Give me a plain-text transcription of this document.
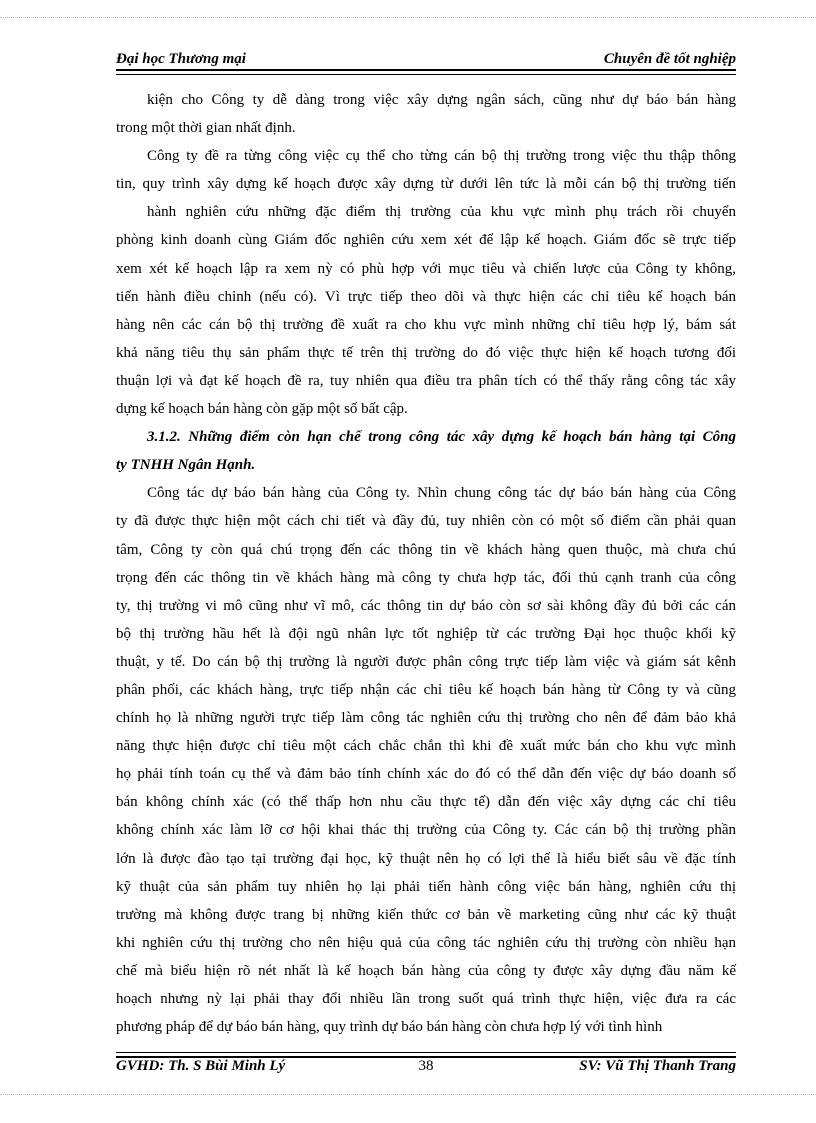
Đại học Thương mại	Chuyên đề tốt nghiệp
kiện cho Công ty dễ dàng trong việc xây dựng ngân sách, cũng như dự báo bán hàng
trong một thời gian nhất định.
Công ty đề ra từng công việc cụ thể cho từng cán bộ thị trường trong việc thu thập thông
tin, quy trình xây dựng kế hoạch được xây dựng từ dưới lên tức là mỗi cán bộ thị trường tiến
hành nghiên cứu những đặc điểm thị trường của khu vực mình phụ trách rồi chuyển
phòng kinh doanh cùng Giám đốc nghiên cứu xem xét để lập kế hoạch. Giám đốc sẽ trực tiếp
xem xét kế hoạch lập ra xem nỳ có phù hợp với mục tiêu và chiến lược của Công ty không,
tiến hành điều chỉnh (nếu có). Vì trực tiếp theo dõi và thực hiện các chỉ tiêu kế hoạch bán
hàng nên các cán bộ thị trường đề xuất ra cho khu vực mình những chỉ tiêu hợp lý, bám sát
khả năng tiêu thụ sản phẩm thực tế trên thị trường do đó việc thực hiện kế hoạch tương đối
thuận lợi và đạt kế hoạch đề ra, tuy nhiên qua điều tra phân tích có thể thấy rằng công tác xây
dựng kế hoạch bán hàng còn gặp một số bất cập.
3.1.2. Những điểm còn hạn chế trong công tác xây dựng kế hoạch bán hàng tại Công
ty TNHH Ngân Hạnh.
Công tác dự báo bán hàng của Công ty. Nhìn chung công tác dự báo bán hàng của Công
ty đã được thực hiện một cách chi tiết và đầy đủ, tuy nhiên còn có một số điểm cần phải quan
tâm, Công ty còn quá chú trọng đến các thông tin về khách hàng quen thuộc, mà chưa chú
trọng đến các thông tin về khách hàng mà công ty chưa hợp tác, đối thủ cạnh tranh của công
ty, thị trường vi mô cũng như vĩ mô, các thông tin dự báo còn sơ sài không đầy đủ bởi các cán
bộ thị trường hầu hết là đội ngũ nhân lực tốt nghiệp từ các trường Đại học thuộc khối kỹ
thuật, y tế. Do cán bộ thị trường là người được phân công trực tiếp làm việc và giám sát kênh
phân phối, các khách hàng, trực tiếp nhận các chỉ tiêu kế hoạch bán hàng từ Công ty và cũng
chính họ là những người trực tiếp làm công tác nghiên cứu thị trường cho nên để đảm bảo khả
năng thực hiện được chỉ tiêu một cách chắc chắn thì khi đề xuất mức bán cho khu vực mình
họ phải tính toán cụ thể và đảm bảo tính chính xác do đó có thể dẫn đến việc dự báo doanh số
bán không chính xác (có thể thấp hơn nhu cầu thực tế) dẫn đến việc xây dựng các chỉ tiêu
không chính xác làm lỡ cơ hội khai thác thị trường của Công ty. Các cán bộ thị trường phần
lớn là được đào tạo tại trường đại học, kỹ thuật nên họ có lợi thế là hiểu biết sâu về đặc tính
kỹ thuật của sản phẩm tuy nhiên họ lại phải tiến hành công việc bán hàng, nghiên cứu thị
trường mà không được trang bị những kiến thức cơ bản về marketing cũng như các kỹ thuật
khi nghiên cứu thị trường cho nên hiệu quả của công tác nghiên cứu thị trường còn nhiều hạn
chế mà biểu hiện rõ nét nhất là kế hoạch bán hàng của công ty được xây dựng đầu năm kế
hoạch nhưng nỳ lại phải thay đổi nhiều lần trong suốt quá trình thực hiện, việc đưa ra các
phương pháp để dự báo bán hàng, quy trình dự báo bán hàng còn chưa hợp lý với tình hình
GVHD: Th. S Bùi Minh Lý	38	SV: Vũ Thị Thanh Trang
